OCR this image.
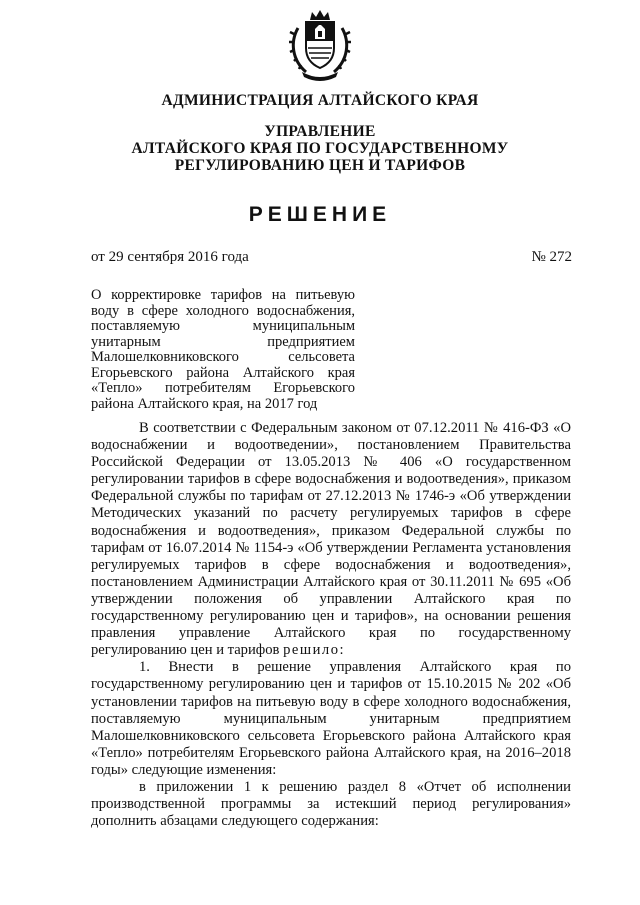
АДМИНИСТРАЦИЯ АЛТАЙСКОГО КРАЯ
УПРАВЛЕНИЕ
АЛТАЙСКОГО КРАЯ ПО ГОСУДАРСТВЕННОМУ
РЕГУЛИРОВАНИЮ ЦЕН И ТАРИФОВ
РЕШЕНИЕ
от 29 сентября 2016 года	№ 272
О корректировке тарифов на питьевую воду в сфере холодного водоснабжения, поставляемую муниципальным унитарным предприятием Малошелковниковского сельсовета Егорьевского района Алтайского края «Тепло» потребителям Егорьевского района Алтайского края, на 2017 год

В соответствии с Федеральным законом от 07.12.2011 № 416-ФЗ «О водоснабжении и водоотведении», постановлением Правительства Российской Федерации от 13.05.2013 № 406 «О государственном регулировании тарифов в сфере водоснабжения и водоотведения», приказом Федеральной службы по тарифам от 27.12.2013 № 1746-э «Об утверждении Методических указаний по расчету регулируемых тарифов в сфере водоснабжения и водоотведения», приказом Федеральной службы по тарифам от 16.07.2014 № 1154-э «Об утверждении Регламента установления регулируемых тарифов в сфере водоснабжения и водоотведения», постановлением Администрации Алтайского края от 30.11.2011 № 695 «Об утверждении положения об управлении Алтайского края по государственному регулированию цен и тарифов», на основании решения правления управление Алтайского края по государственному регулированию цен и тарифов решило:

1. Внести в решение управления Алтайского края по государственному регулированию цен и тарифов от 15.10.2015 № 202 «Об установлении тарифов на питьевую воду в сфере холодного водоснабжения, поставляемую муниципальным унитарным предприятием Малошелковниковского сельсовета Егорьевского района Алтайского края «Тепло» потребителям Егорьевского района Алтайского края, на 2016–2018 годы» следующие изменения:

в приложении 1 к решению раздел 8 «Отчет об исполнении производственной программы за истекший период регулирования» дополнить абзацами следующего содержания:
